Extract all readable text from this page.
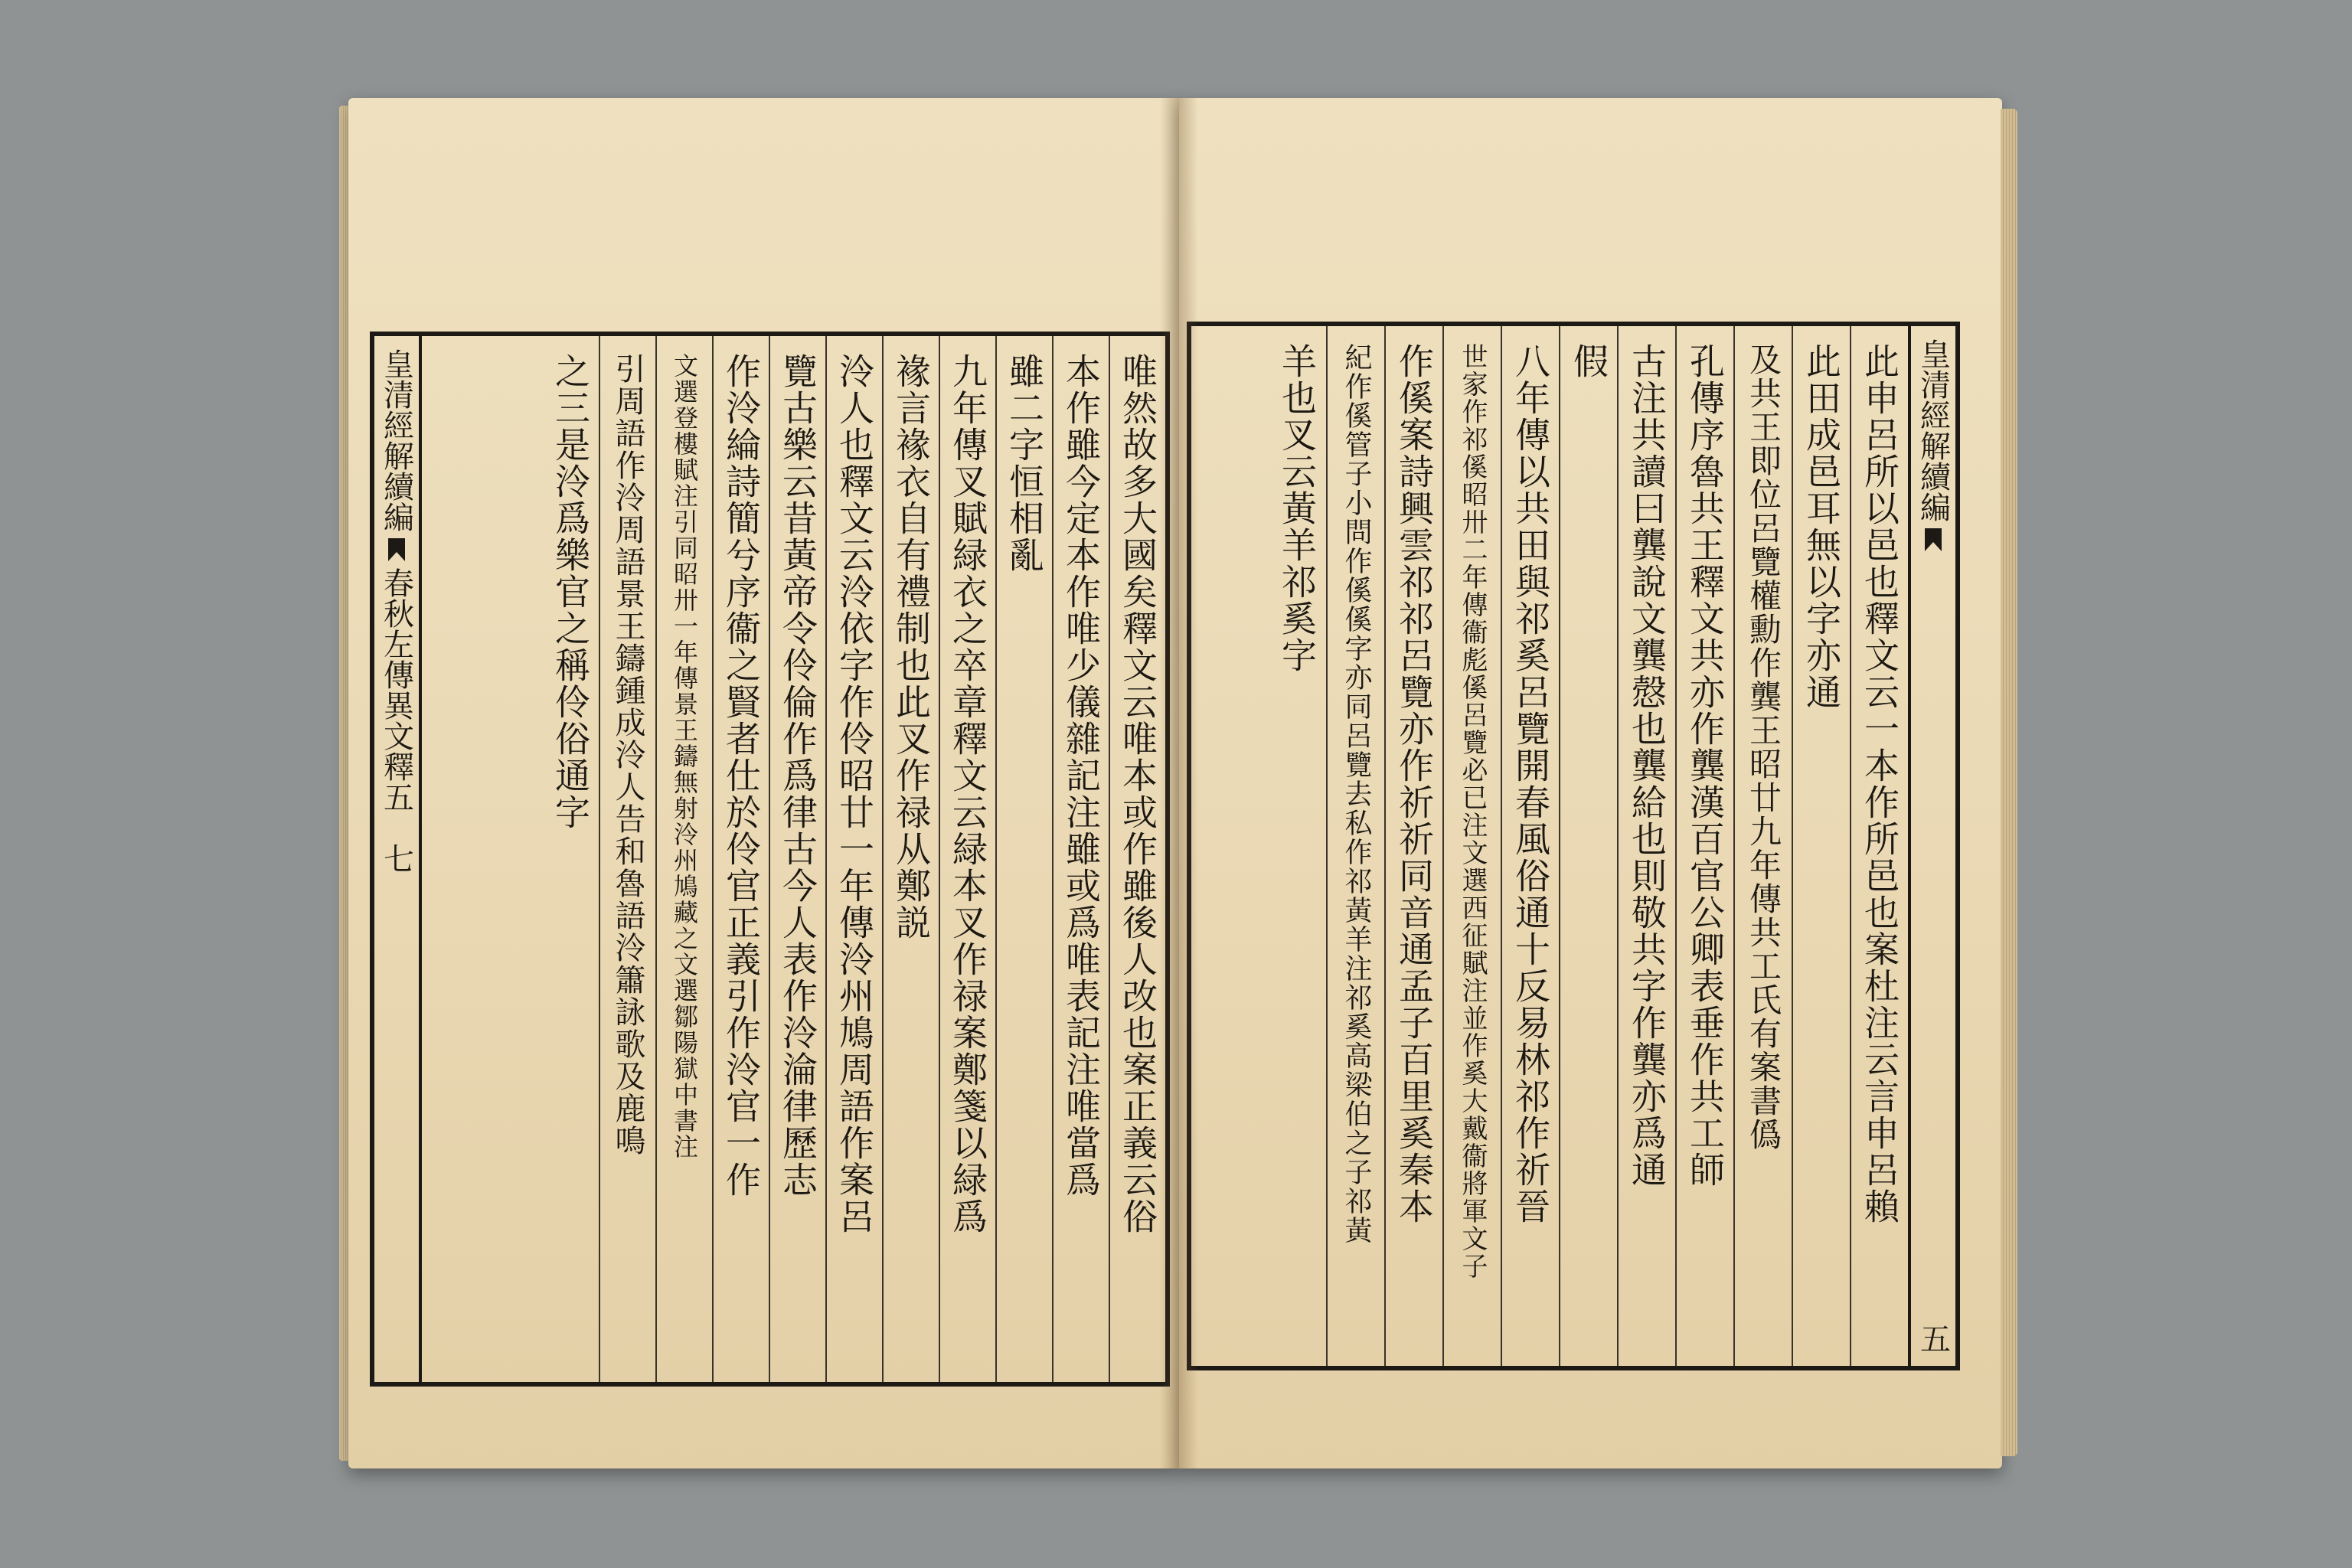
唯然故多大國矣釋文云唯本或作雖後人改也案正義云俗
本作雖今定本作唯少儀雜記注雖或爲唯表記注唯當爲
雖二字恒相亂
九年傳叉賦緑衣之卒章釋文云緑本叉作禄案鄭箋以緑爲
褖言褖衣自有禮制也此叉作禄从鄭説
泠人也釋文云泠依字作伶昭廿一年傳泠州鳩周語作案呂
覽古樂云昔黃帝令伶倫作爲律古今人表作泠淪律歷志
作泠綸詩簡兮序衞之賢者仕於伶官正義引作泠官一作
文選登樓賦注引同昭卅一年傳景王鑄無射泠州鳩藏之文選鄒陽獄中書注
引周語作泠周語景王鑄鍾成泠人告和魯語泠簫詠歌及鹿鳴
之三是泠爲樂官之稱伶俗通字
皇清經解續編
春秋左傳異文釋五
七	此申呂所以邑也釋文云一本作所邑也案杜注云言申呂賴
此田成邑耳無以字亦通
及共王即位呂覽權勳作龔王昭廿九年傳共工氏有案書僞
孔傳序魯共王釋文共亦作龔漢百官公卿表垂作共工師
古注共讀曰龔說文龔慤也龔給也則敬共字作龔亦爲通
假
八年傳以共田與祁奚呂覽開春風俗通十反易林祁作祈晉
世家作祁傒昭卅二年傳衞彪傒呂覽必已注文選西征賦注並作奚大戴衞將軍文子
作傒案詩興雲祁祁呂覽亦作祈祈同音通孟子百里奚秦本
紀作傒管子小問作傒傒字亦同呂覽去私作祁黃羊注祁奚高梁伯之子祁黃
羊也叉云黃羊祁奚字	皇清經解續編
五
